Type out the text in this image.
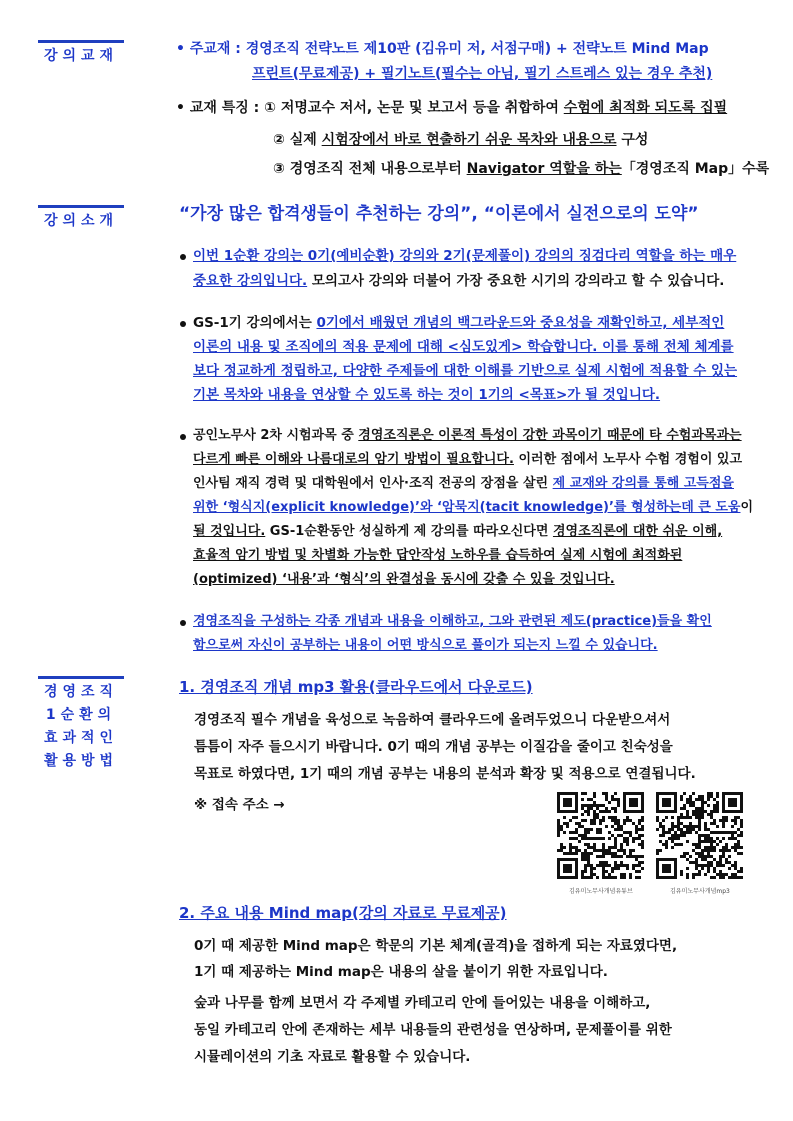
강의교재	• 주교재 : 경영조직 전략노트 제10판 (김유미 저, 서점구매) + 전략노트 Mind Map

프린트(무료제공) + 필기노트(필수는 아님, 필기 스트레스 있는 경우 추천)

• 교재 특징 : ① 저명교수 저서, 논문 및 보고서 등을 취합하여 수험에 최적화 되도록 집필

② 실제 시험장에서 바로 현출하기 쉬운 목차와 내용으로 구성

③ 경영조직 전체 내용으로부터 Navigator 역할을 하는「경영조직 Map」수록

강의소개	“가장 많은 합격생들이 추천하는 강의”, “이론에서 실전으로의 도약”

이번 1순환 강의는 0기(예비순환) 강의와 2기(문제풀이) 강의의 징검다리 역할을 하는 매우

중요한 강의입니다. 모의고사 강의와 더불어 가장 중요한 시기의 강의라고 할 수 있습니다.

GS-1기 강의에서는 0기에서 배웠던 개념의 백그라운드와 중요성을 재확인하고, 세부적인

이론의 내용 및 조직에의 적용 문제에 대해 <심도있게> 학습합니다. 이를 통해 전체 체계를

보다 정교하게 정립하고, 다양한 주제들에 대한 이해를 기반으로 실제 시험에 적용할 수 있는

기본 목차와 내용을 연상할 수 있도록 하는 것이 1기의 <목표>가 될 것입니다.

공인노무사 2차 시험과목 중 경영조직론은 이론적 특성이 강한 과목이기 때문에 타 수험과목과는

다르게 빠른 이해와 나름대로의 암기 방법이 필요합니다. 이러한 점에서 노무사 수험 경험이 있고

인사팀 재직 경력 및 대학원에서 인사·조직 전공의 장점을 살린 제 교재와 강의를 통해 고득점을

위한 ‘형식지(explicit knowledge)’와 ‘암묵지(tacit knowledge)’를 형성하는데 큰 도움이

될 것입니다. GS-1순환동안 성실하게 제 강의를 따라오신다면 경영조직론에 대한 쉬운 이해,

효율적 암기 방법 및 차별화 가능한 답안작성 노하우를 습득하여 실제 시험에 최적화된

(optimized) ‘내용’과 ‘형식’의 완결성을 동시에 갖출 수 있을 것입니다.

경영조직을 구성하는 각종 개념과 내용을 이해하고, 그와 관련된 제도(practice)들을 확인

함으로써 자신이 공부하는 내용이 어떤 방식으로 풀이가 되는지 느낄 수 있습니다.

경영조직
1순환의
효과적인
활용방법

1. 경영조직 개념 mp3 활용(클라우드에서 다운로드)

경영조직 필수 개념을 육성으로 녹음하여 클라우드에 올려두었으니 다운받으셔서

틈틈이 자주 들으시기 바랍니다. 0기 때의 개념 공부는 이질감을 줄이고 친숙성을

목표로 하였다면, 1기 때의 개념 공부는 내용의 분석과 확장 및 적용으로 연결됩니다.

※ 접속 주소 →

김유미노무사개념유튜브	김유미노무사개념mp3

2. 주요 내용 Mind map(강의 자료로 무료제공)

0기 때 제공한 Mind map은 학문의 기본 체계(골격)을 접하게 되는 자료였다면,

1기 때 제공하는 Mind map은 내용의 살을 붙이기 위한 자료입니다.

숲과 나무를 함께 보면서 각 주제별 카테고리 안에 들어있는 내용을 이해하고,

동일 카테고리 안에 존재하는 세부 내용들의 관련성을 연상하며, 문제풀이를 위한

시뮬레이션의 기초 자료로 활용할 수 있습니다.
